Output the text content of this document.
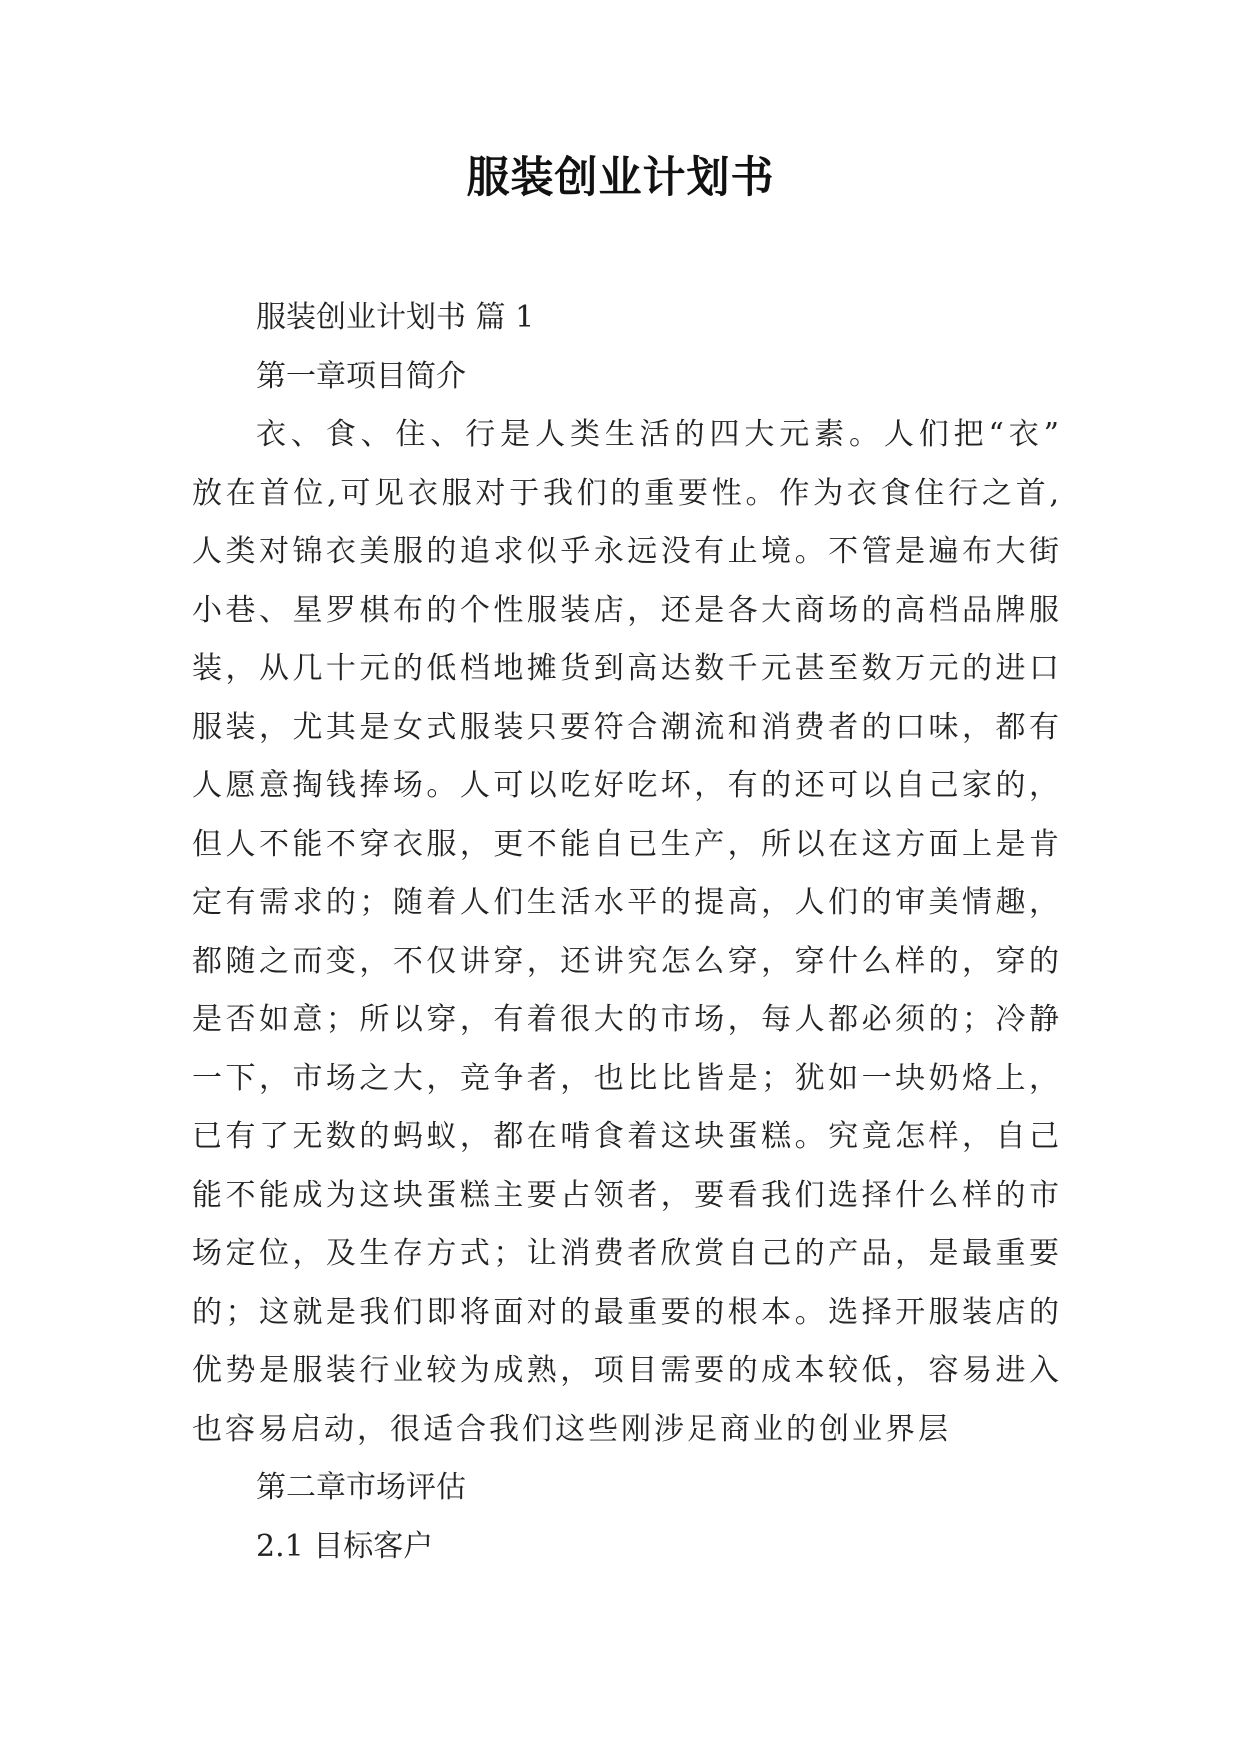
服装创业计划书
服装创业计划书 篇 1
第一章项目简介
衣、食、住、行是人类生活的四大元素。人们把“衣”
放在首位,可见衣服对于我们的重要性。作为衣食住行之首,
人类对锦衣美服的追求似乎永远没有止境。不管是遍布大街
小巷、星罗棋布的个性服装店，还是各大商场的高档品牌服
装，从几十元的低档地摊货到高达数千元甚至数万元的进口
服装，尤其是女式服装只要符合潮流和消费者的口味，都有
人愿意掏钱捧场。人可以吃好吃坏，有的还可以自己家的，
但人不能不穿衣服，更不能自已生产，所以在这方面上是肯
定有需求的；随着人们生活水平的提高，人们的审美情趣，
都随之而变，不仅讲穿，还讲究怎么穿，穿什么样的，穿的
是否如意；所以穿，有着很大的市场，每人都必须的；冷静
一下，市场之大，竞争者，也比比皆是；犹如一块奶烙上，
已有了无数的蚂蚁，都在啃食着这块蛋糕。究竟怎样，自己
能不能成为这块蛋糕主要占领者，要看我们选择什么样的市
场定位，及生存方式；让消费者欣赏自己的产品，是最重要
的；这就是我们即将面对的最重要的根本。选择开服装店的
优势是服装行业较为成熟，项目需要的成本较低，容易进入
也容易启动，很适合我们这些刚涉足商业的创业界层
第二章市场评估
2.1 目标客户
